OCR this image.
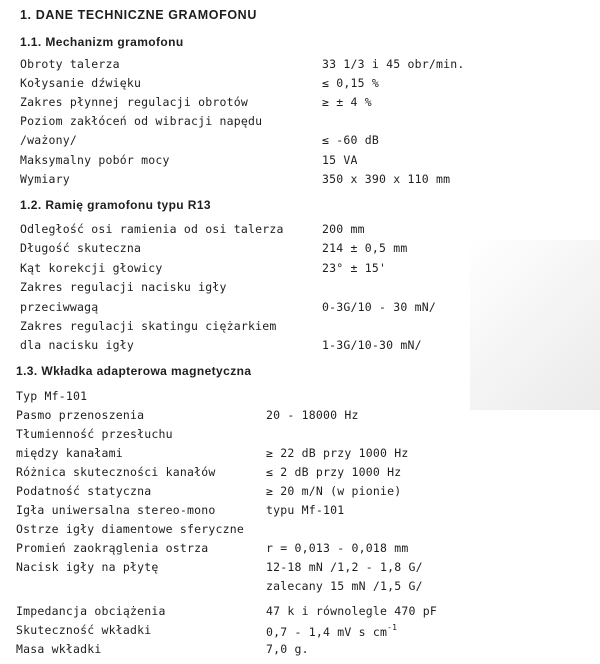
1. DANE TECHNICZNE GRAMOFONU
1.1. Mechanizm gramofonu
Obroty talerza	33 1/3 i 45 obr/min.
Kołysanie dźwięku	≤ 0,15 %
Zakres płynnej regulacji obrotów	≥ ± 4 %
Poziom zakłóceń od wibracji napędu
/ważony/	≤ -60 dB
Maksymalny pobór mocy	15 VA
Wymiary	350 x 390 x 110 mm
1.2. Ramię gramofonu typu R13
Odległość osi ramienia od osi talerza	200 mm
Długość skuteczna	214 ± 0,5 mm
Kąt korekcji głowicy	23° ± 15'
Zakres regulacji nacisku igły
przeciwwagą	0-3G/10 - 30 mN/
Zakres regulacji skatingu ciężarkiem
dla nacisku igły	1-3G/10-30 mN/
1.3. Wkładka adapterowa magnetyczna
Typ Mf-101
Pasmo przenoszenia	20 - 18000 Hz
Tłumienność przesłuchu
między kanałami	≥ 22 dB przy 1000 Hz
Różnica skuteczności kanałów	≤ 2 dB przy 1000 Hz
Podatność statyczna	≥ 20 m/N (w pionie)
Igła uniwersalna stereo-mono	typu Mf-101
Ostrze igły diamentowe sferyczne
Promień zaokrąglenia ostrza	r = 0,013 - 0,018 mm
Nacisk igły na płytę	12-18 mN /1,2 - 1,8 G/
zalecany 15 mN /1,5 G/
Impedancja obciążenia	47 k i równolegle 470 pF
Skuteczność wkładki	0,7 - 1,4 mV s $cm^{-1}$
Masa wkładki	7,0 g.
